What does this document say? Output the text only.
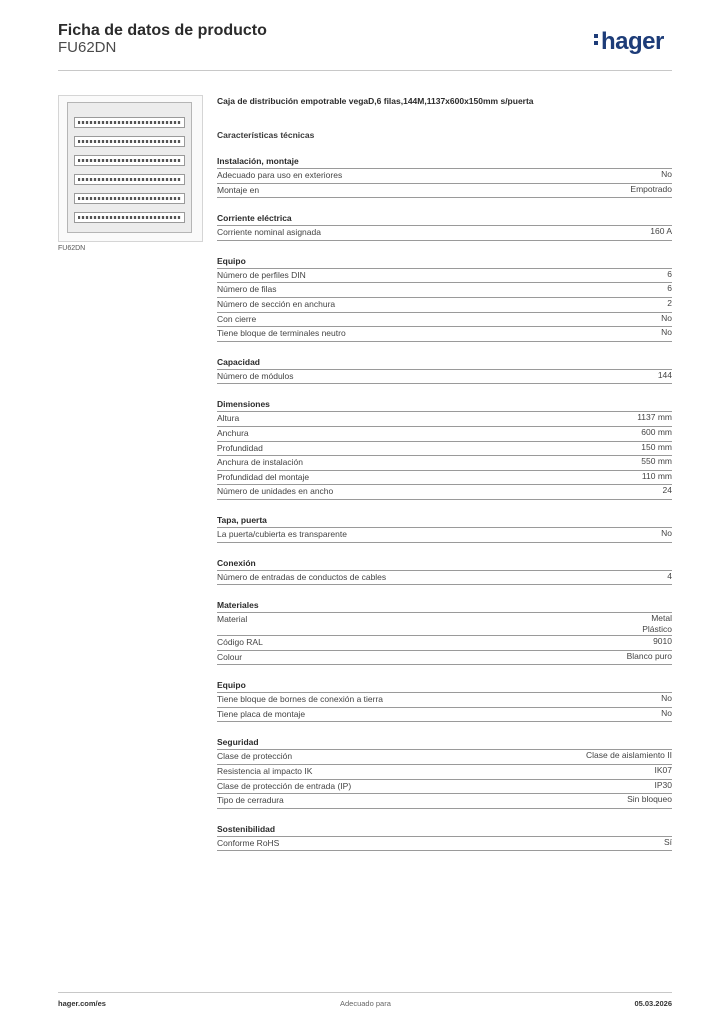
Ficha de datos de producto
FU62DN	hager
FU62DN
Caja de distribución empotrable vegaD,6 filas,144M,1137x600x150mm s/puerta
Características técnicas
Instalación, montaje
Adecuado para uso en exteriores	No
Montaje en	Empotrado
Corriente eléctrica
Corriente nominal asignada	160 A
Equipo
Número de perfiles DIN	6
Número de filas	6
Número de sección en anchura	2
Con cierre	No
Tiene bloque de terminales neutro	No
Capacidad
Número de módulos	144
Dimensiones
Altura	1137 mm
Anchura	600 mm
Profundidad	150 mm
Anchura de instalación	550 mm
Profundidad del montaje	110 mm
Número de unidades en ancho	24
Tapa, puerta
La puerta/cubierta es transparente	No
Conexión
Número de entradas de conductos de cables	4
Materiales
Material	Metal
Plástico
Código RAL	9010
Colour	Blanco puro
Equipo
Tiene bloque de bornes de conexión a tierra	No
Tiene placa de montaje	No
Seguridad
Clase de protección	Clase de aislamiento II
Resistencia al impacto IK	IK07
Clase de protección de entrada (IP)	IP30
Tipo de cerradura	Sin bloqueo
Sostenibilidad
Conforme RoHS	Sí
hager.com/es	Adecuado para	05.03.2026
